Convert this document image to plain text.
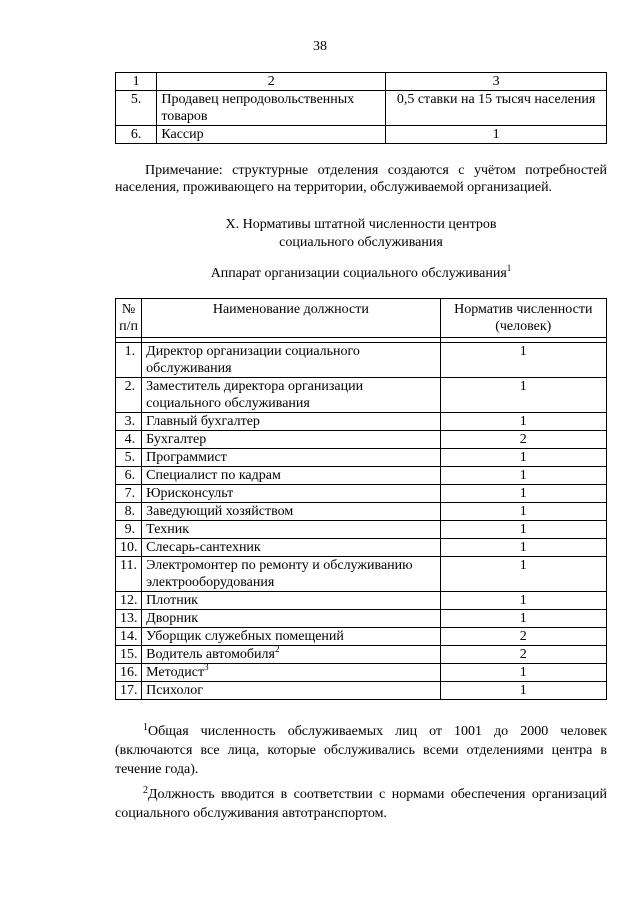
38
1	2	3
5.	Продавец непродовольственных товаров	0,5 ставки на 15 тысяч населения
6.	Кассир	1
Примечание: структурные отделения создаются с учётом потребностей населения, проживающего на территории, обслуживаемой организацией.
X. Нормативы штатной численности центров
социального обслуживания
Аппарат организации социального обслуживания$^1$
№ п/п	Наименование должности	Норматив численности (человек)

1.	Директор организации социального обслуживания	1
2.	Заместитель директора организации социального обслуживания	1
3.	Главный бухгалтер	1
4.	Бухгалтер	2
5.	Программист	1
6.	Специалист по кадрам	1
7.	Юрисконсульт	1
8.	Заведующий хозяйством	1
9.	Техник	1
10.	Слесарь-сантехник	1
11.	Электромонтер по ремонту и обслуживанию электрооборудования	1
12.	Плотник	1
13.	Дворник	1
14.	Уборщик служебных помещений	2
15.	Водитель автомобиля$^2$	2
16.	Методист$^3$	1
17.	Психолог	1

$^1$Общая численность обслуживаемых лиц от 1001 до 2000 человек (включаются все лица, которые обслуживались всеми отделениями центра в течение года).

$^2$Должность вводится в соответствии с нормами обеспечения организаций социального обслуживания автотранспортом.
